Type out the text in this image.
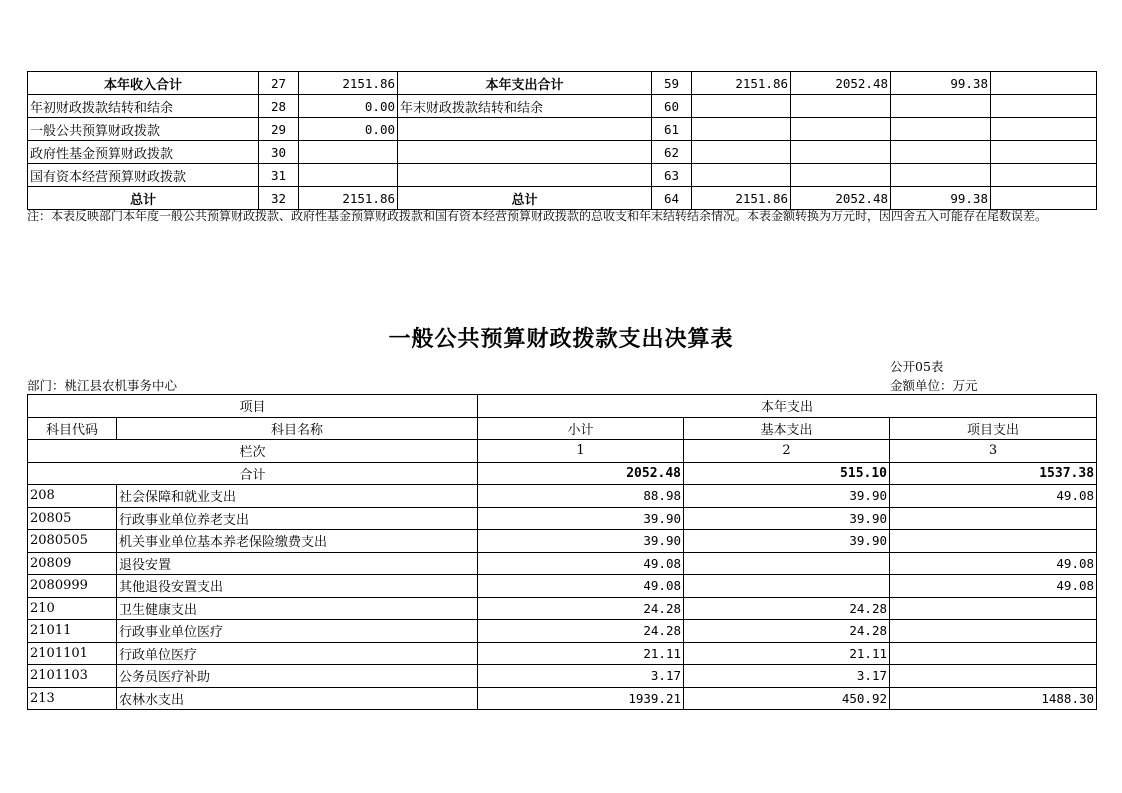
本年收入合计	27	2151.86	本年支出合计	59	2151.86	2052.48	99.38	
年初财政拨款结转和结余	28	0.00	年末财政拨款结转和结余	60				
一般公共预算财政拨款	29	0.00		61				
政府性基金预算财政拨款	30			62				
国有资本经营预算财政拨款	31			63				
总计	32	2151.86	总计	64	2151.86	2052.48	99.38	
注：本表反映部门本年度一般公共预算财政拨款、政府性基金预算财政拨款和国有资本经营预算财政拨款的总收支和年末结转结余情况。本表金额转换为万元时，因四舍五入可能存在尾数误差。
一般公共预算财政拨款支出决算表
公开05表
部门：桃江县农机事务中心	金额单位：万元
项目		本年支出		
科目代码	科目名称	小计	基本支出	项目支出
栏次		1	2	3
合计		2052.48	515.10	1537.38
208	社会保障和就业支出	88.98	39.90	49.08
20805	行政事业单位养老支出	39.90	39.90	
2080505	机关事业单位基本养老保险缴费支出	39.90	39.90	
20809	退役安置	49.08		49.08
2080999	其他退役安置支出	49.08		49.08
210	卫生健康支出	24.28	24.28	
21011	行政事业单位医疗	24.28	24.28	
2101101	行政单位医疗	21.11	21.11	
2101103	公务员医疗补助	3.17	3.17	
213	农林水支出	1939.21	450.92	1488.30
